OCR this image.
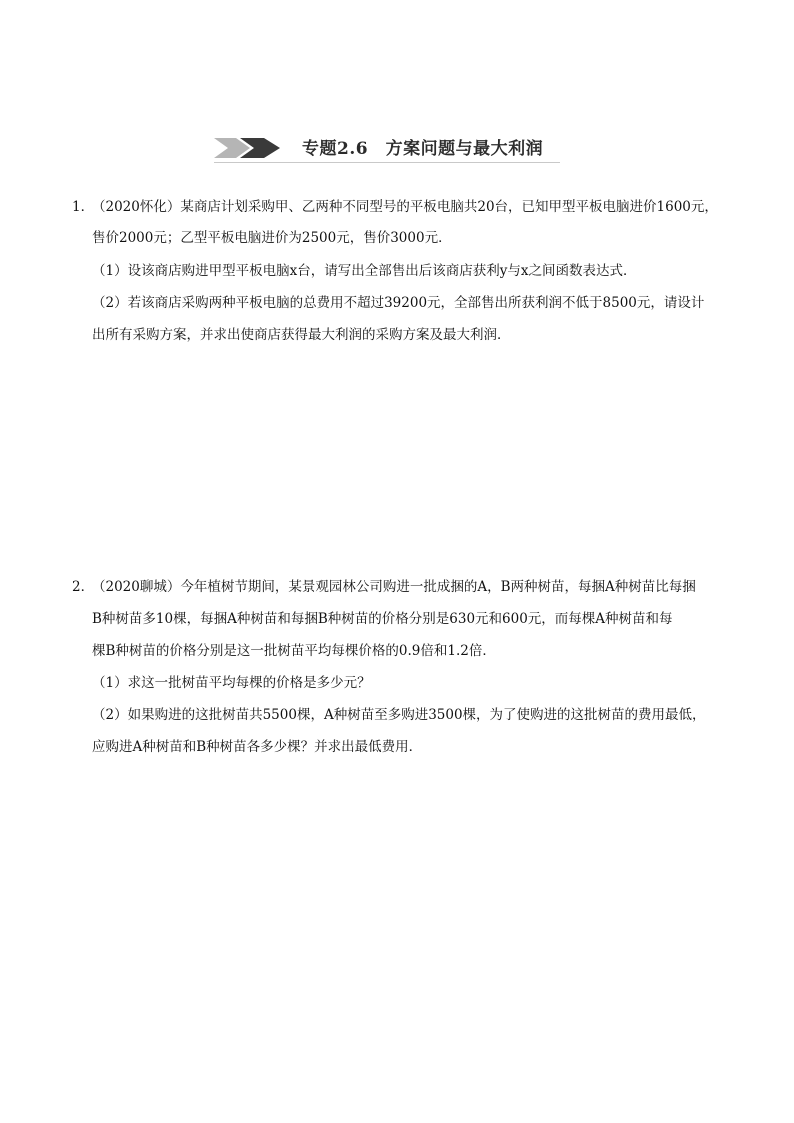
专题2.6　方案问题与最大利润
1．（2020怀化）某商店计划采购甲、乙两种不同型号的平板电脑共20台，已知甲型平板电脑进价1600元，
售价2000元；乙型平板电脑进价为2500元，售价3000元．
（1）设该商店购进甲型平板电脑x台，请写出全部售出后该商店获利y与x之间函数表达式．
（2）若该商店采购两种平板电脑的总费用不超过39200元，全部售出所获利润不低于8500元，请设计
出所有采购方案，并求出使商店获得最大利润的采购方案及最大利润．
2．（2020聊城）今年植树节期间，某景观园林公司购进一批成捆的A，B两种树苗，每捆A种树苗比每捆
B种树苗多10棵，每捆A种树苗和每捆B种树苗的价格分别是630元和600元，而每棵A种树苗和每
棵B种树苗的价格分别是这一批树苗平均每棵价格的0.9倍和1.2倍．
（1）求这一批树苗平均每棵的价格是多少元？
（2）如果购进的这批树苗共5500棵，A种树苗至多购进3500棵，为了使购进的这批树苗的费用最低，
应购进A种树苗和B种树苗各多少棵？并求出最低费用．
